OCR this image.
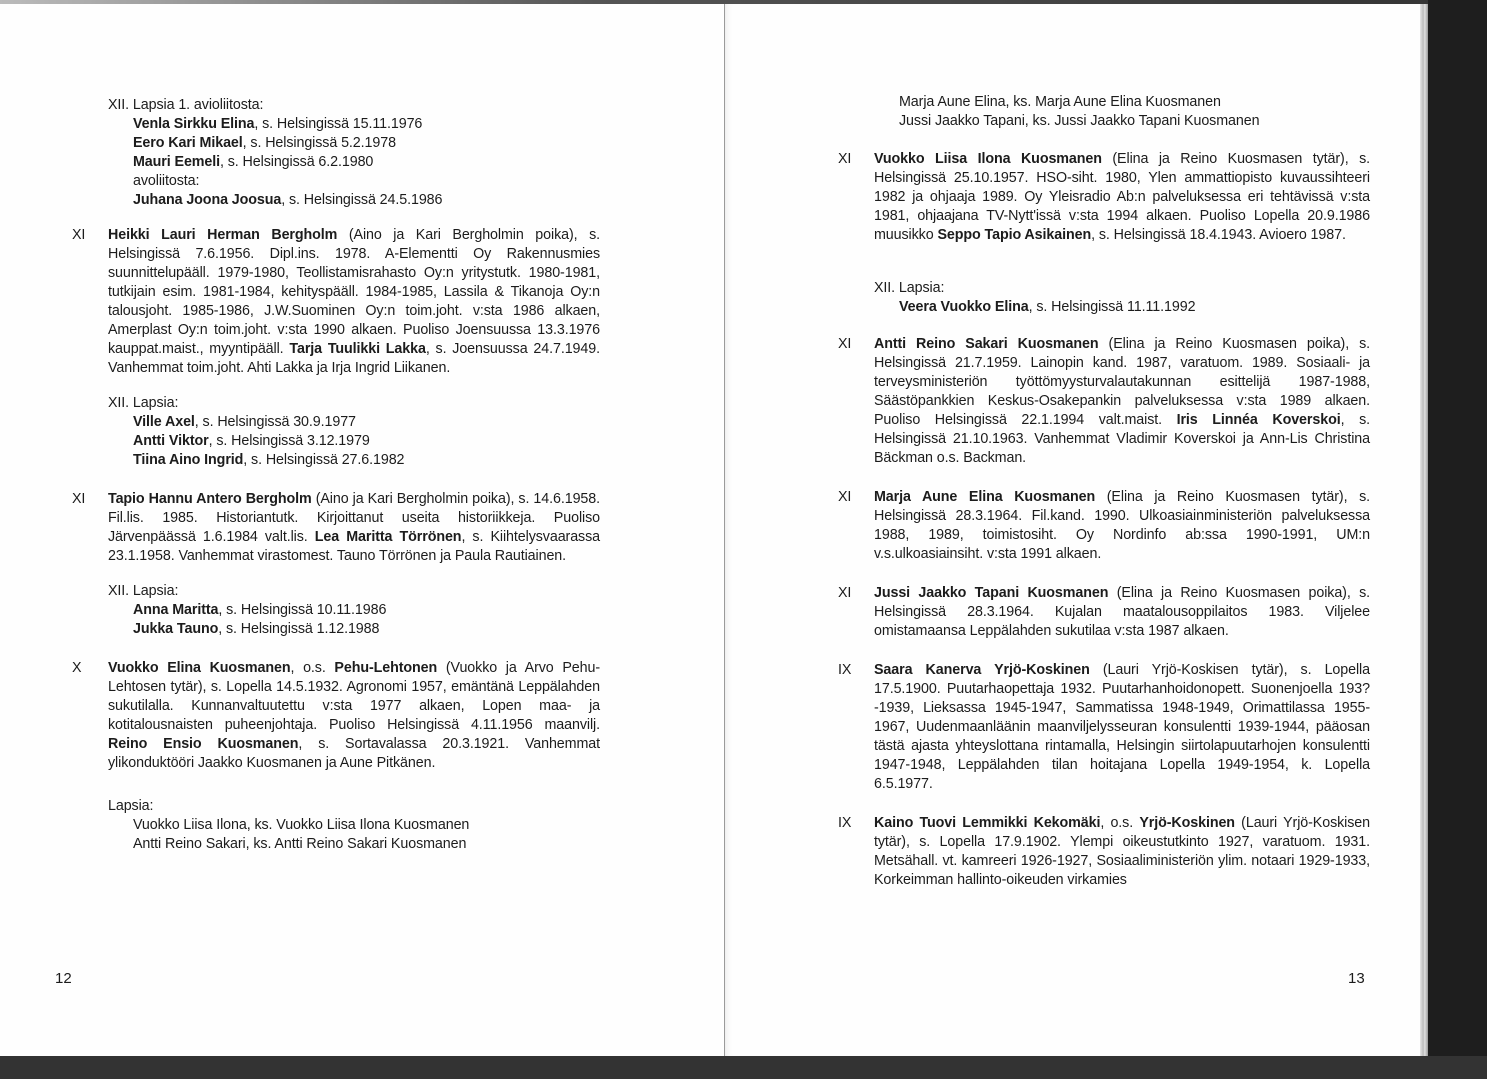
XII. Lapsia 1. avioliitosta:

Venla Sirkku Elina, s. Helsingissä 15.11.1976

Eero Kari Mikael, s. Helsingissä 5.2.1978

Mauri Eemeli, s. Helsingissä 6.2.1980

avoliitosta:

Juhana Joona Joosua, s. Helsingissä 24.5.1986

XI Heikki Lauri Herman Bergholm (Aino ja Kari Bergholmin poika), s. Helsingissä 7.6.1956. Dipl.ins. 1978. A-Elementti Oy Rakennusmies suunnittelupääll. 1979-1980, Teollistamisrahasto Oy:n yritystutk. 1980-1981, tutkijain esim. 1981-1984, kehityspääll. 1984-1985, Lassila & Tikanoja Oy:n talousjoht. 1985-1986, J.W.Suominen Oy:n toim.joht. v:sta 1986 alkaen, Amerplast Oy:n toim.joht. v:sta 1990 alkaen. Puoliso Joensuussa 13.3.1976 kauppat.maist., myyntipääll. Tarja Tuulikki Lakka, s. Joensuussa 24.7.1949. Vanhemmat toim.joht. Ahti Lakka ja Irja Ingrid Liikanen.

XII. Lapsia:

Ville Axel, s. Helsingissä 30.9.1977

Antti Viktor, s. Helsingissä 3.12.1979

Tiina Aino Ingrid, s. Helsingissä 27.6.1982

XI Tapio Hannu Antero Bergholm (Aino ja Kari Bergholmin poika), s. 14.6.1958. Fil.lis. 1985. Historiantutk. Kirjoittanut useita historiikkeja. Puoliso Järvenpäässä 1.6.1984 valt.lis. Lea Maritta Törrönen, s. Kiihtelysvaarassa 23.1.1958. Vanhemmat virastomest. Tauno Törrönen ja Paula Rautiainen.

XII. Lapsia:

Anna Maritta, s. Helsingissä 10.11.1986

Jukka Tauno, s. Helsingissä 1.12.1988

X Vuokko Elina Kuosmanen, o.s. Pehu-Lehtonen (Vuokko ja Arvo Pehu-Lehtosen tytär), s. Lopella 14.5.1932. Agronomi 1957, emäntänä Leppälahden sukutilalla. Kunnanvaltuutettu v:sta 1977 alkaen, Lopen maa- ja kotitalousnaisten puheenjohtaja. Puoliso Helsingissä 4.11.1956 maanvilj. Reino Ensio Kuosmanen, s. Sortavalassa 20.3.1921. Vanhemmat ylikonduktööri Jaakko Kuosmanen ja Aune Pitkänen.

Lapsia:

Vuokko Liisa Ilona, ks. Vuokko Liisa Ilona Kuosmanen

Antti Reino Sakari, ks. Antti Reino Sakari Kuosmanen

12

Marja Aune Elina, ks. Marja Aune Elina Kuosmanen

Jussi Jaakko Tapani, ks. Jussi Jaakko Tapani Kuosmanen

XI Vuokko Liisa Ilona Kuosmanen (Elina ja Reino Kuosmasen tytär), s. Helsingissä 25.10.1957. HSO-siht. 1980, Ylen ammattiopisto kuvaussihteeri 1982 ja ohjaaja 1989. Oy Yleisradio Ab:n palveluksessa eri tehtävissä v:sta 1981, ohjaajana TV-Nytt'issä v:sta 1994 alkaen. Puoliso Lopella 20.9.1986 muusikko Seppo Tapio Asikainen, s. Helsingissä 18.4.1943. Avioero 1987.

XII. Lapsia:

Veera Vuokko Elina, s. Helsingissä 11.11.1992

XI Antti Reino Sakari Kuosmanen (Elina ja Reino Kuosmasen poika), s. Helsingissä 21.7.1959. Lainopin kand. 1987, varatuom. 1989. Sosiaali- ja terveysministeriön työttömyysturvalautakunnan esittelijä 1987-1988, Säästöpankkien Keskus-Osakepankin palveluksessa v:sta 1989 alkaen. Puoliso Helsingissä 22.1.1994 valt.maist. Iris Linnéa Koverskoi, s. Helsingissä 21.10.1963. Vanhemmat Vladimir Koverskoi ja Ann-Lis Christina Bäckman o.s. Backman.

XI Marja Aune Elina Kuosmanen (Elina ja Reino Kuosmasen tytär), s. Helsingissä 28.3.1964. Fil.kand. 1990. Ulkoasiainministeriön palveluksessa 1988, 1989, toimistosiht. Oy Nordinfo ab:ssa 1990-1991, UM:n v.s.ulkoasiainsiht. v:sta 1991 alkaen.

XI Jussi Jaakko Tapani Kuosmanen (Elina ja Reino Kuosmasen poika), s. Helsingissä 28.3.1964. Kujalan maatalousoppilaitos 1983. Viljelee omistamaansa Leppälahden sukutilaa v:sta 1987 alkaen.

IX Saara Kanerva Yrjö-Koskinen (Lauri Yrjö-Koskisen tytär), s. Lopella 17.5.1900. Puutarhaopettaja 1932. Puutarhanhoidonopett. Suonenjoella 193?-1939, Lieksassa 1945-1947, Sammatissa 1948-1949, Orimattilassa 1955-1967, Uudenmaanläänin maanviljelysseuran konsulentti 1939-1944, pääosan tästä ajasta yhteyslottana rintamalla, Helsingin siirtolapuutarhojen konsulentti 1947-1948, Leppälahden tilan hoitajana Lopella 1949-1954, k. Lopella 6.5.1977.

IX Kaino Tuovi Lemmikki Kekomäki, o.s. Yrjö-Koskinen (Lauri Yrjö-Koskisen tytär), s. Lopella 17.9.1902. Ylempi oikeustutkinto 1927, varatuom. 1931. Metsähall. vt. kamreeri 1926-1927, Sosiaaliministeriön ylim. notaari 1929-1933, Korkeimman hallinto-oikeuden virkamies

13
